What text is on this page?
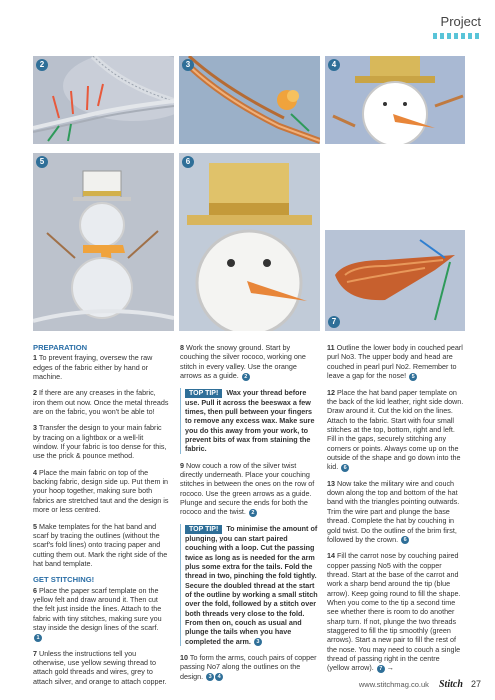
Project
2	3	4
5	6
7
PREPARATION

1 To prevent fraying, oversew the raw edges of the fabric either by hand or machine.

2 If there are any creases in the fabric, iron them out now. Once the metal threads are on the fabric, you won't be able to!

3 Transfer the design to your main fabric by tracing on a lightbox or a well-lit window. If your fabric is too dense for this, use the prick & pounce method.

4 Place the main fabric on top of the backing fabric, design side up. Put them in your hoop together, making sure both fabrics are stretched taut and the design is more or less centred.

5 Make templates for the hat band and scarf by tracing the outlines (without the scarf's fold lines) onto tracing paper and cutting them out. Mark the right side of the hat band template.

GET STITCHING!

6 Place the paper scarf template on the yellow felt and draw around it. Then cut the felt just inside the lines. Attach to the fabric with tiny stitches, making sure you stay inside the design lines of the scarf. 1

7 Unless the instructions tell you otherwise, use yellow sewing thread to attach gold threads and wires, grey to attach silver, and orange to attach copper.

8 Work the snowy ground. Start by couching the silver rococo, working one stitch in every valley. Use the orange arrows as a guide. 2

TOP TIP! Wax your thread before use. Pull it across the beeswax a few times, then pull between your fingers to remove any excess wax. Make sure you do this away from your work, to prevent bits of wax from staining the fabric.

9 Now couch a row of the silver twist directly underneath. Place your couching stitches in between the ones on the row of rococo. Use the green arrows as a guide. Plunge and secure the ends for both the rococo and the twist. 2

TOP TIP! To minimise the amount of plunging, you can start paired couching with a loop. Cut the passing twice as long as is needed for the arm plus some extra for the tails. Fold the thread in two, pinching the fold tightly. Secure the doubled thread at the start of the outline by working a small stitch over the fold, followed by a stitch over both threads very close to the fold. From then on, couch as usual and plunge the tails when you have completed the arm. 3

10 To form the arms, couch pairs of copper passing No7 along the outlines on the design. 3 4

11 Outline the lower body in couched pearl purl No3. The upper body and head are couched in pearl purl No2. Remember to leave a gap for the nose! 5

12 Place the hat band paper template on the back of the kid leather, right side down. Draw around it. Cut the kid on the lines. Attach to the fabric. Start with four small stitches at the top, bottom, right and left. Fill in the gaps, securely stitching any corners or points. Always come up on the outside of the shape and go down into the kid. 6

13 Now take the military wire and couch down along the top and bottom of the hat band with the triangles pointing outwards. Trim the wire part and plunge the base thread. Complete the hat by couching in gold twist. Do the outline of the brim first, followed by the crown. 6

14 Fill the carrot nose by couching paired copper passing No5 with the copper thread. Start at the base of the carrot and work a sharp bend around the tip (blue arrow). Keep going round to fill the shape. When you come to the tip a second time see whether there is room to do another sharp turn. If not, plunge the two threads staggered to fill the tip smoothly (green arrows). Start a new pair to fill the rest of the nose. You may need to couch a single thread of passing right in the centre (yellow arrow). 7 →

www.stitchmag.co.uk Stitch 27
